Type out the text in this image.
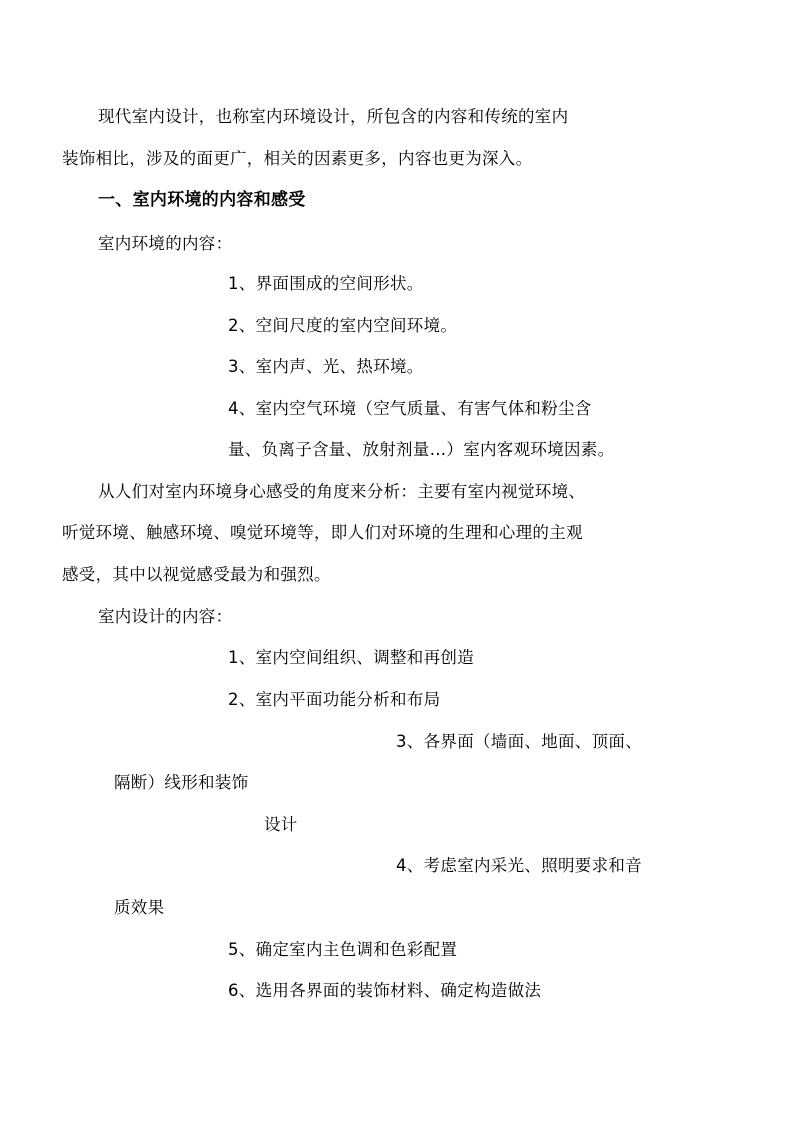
现代室内设计，也称室内环境设计，所包含的内容和传统的室内
装饰相比，涉及的面更广，相关的因素更多，内容也更为深入。
一、室内环境的内容和感受
室内环境的内容：
1、界面围成的空间形状。
2、空间尺度的室内空间环境。
3、室内声、光、热环境。
4、室内空气环境（空气质量、有害气体和粉尘含
量、负离子含量、放射剂量…）室内客观环境因素。
从人们对室内环境身心感受的角度来分析：主要有室内视觉环境、
听觉环境、触感环境、嗅觉环境等，即人们对环境的生理和心理的主观
感受，其中以视觉感受最为和强烈。
室内设计的内容：
1、室内空间组织、调整和再创造
2、室内平面功能分析和布局
3、各界面（墙面、地面、顶面、
隔断）线形和装饰
设计
4、考虑室内采光、照明要求和音
质效果
5、确定室内主色调和色彩配置
6、选用各界面的装饰材料、确定构造做法
